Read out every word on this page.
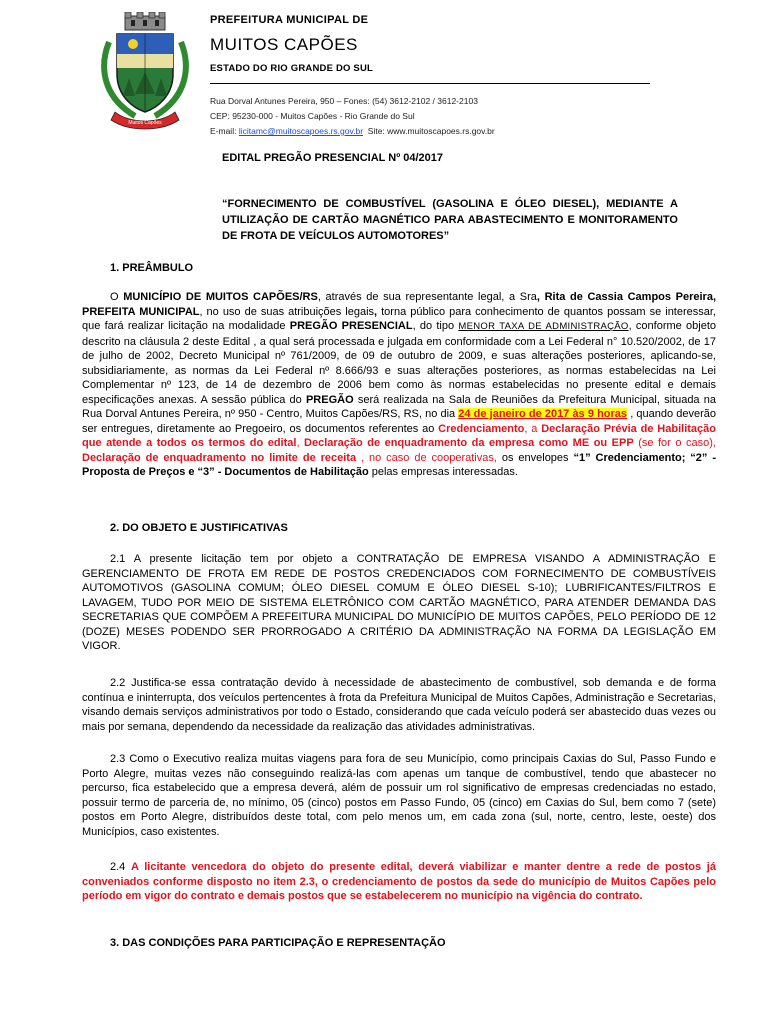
Muitos Capões
PREFEITURA MUNICIPAL DE
MUITOS CAPÕES
ESTADO DO RIO GRANDE DO SUL
Rua Dorval Antunes Pereira, 950 – Fones: (54) 3612-2102 / 3612-2103
CEP: 95230-000 - Muitos Capões - Rio Grande do Sul
E-mail: licitamc@muitoscapoes.rs.gov.br Site: www.muitoscapoes.rs.gov.br
EDITAL PREGÃO PRESENCIAL Nº 04/2017
“FORNECIMENTO DE COMBUSTÍVEL (GASOLINA E ÓLEO DIESEL), MEDIANTE A UTILIZAÇÃO DE CARTÃO MAGNÉTICO PARA ABASTECIMENTO E MONITORAMENTO DE FROTA DE VEÍCULOS AUTOMOTORES”
1. PREÂMBULO
O MUNICÍPIO DE MUITOS CAPÕES/RS, através de sua representante legal, a Sra, Rita de Cassia Campos Pereira, PREFEITA MUNICIPAL, no uso de suas atribuições legais, torna público para conhecimento de quantos possam se interessar, que fará realizar licitação na modalidade PREGÃO PRESENCIAL, do tipo MENOR TAXA DE ADMINISTRAÇÃO, conforme objeto descrito na cláusula 2 deste Edital , a qual será processada e julgada em conformidade com a Lei Federal n° 10.520/2002, de 17 de julho de 2002, Decreto Municipal nº 761/2009, de 09 de outubro de 2009, e suas alterações posteriores, aplicando-se, subsidiariamente, as normas da Lei Federal nº 8.666/93 e suas alterações posteriores, as normas estabelecidas na Lei Complementar nº 123, de 14 de dezembro de 2006 bem como às normas estabelecidas no presente edital e demais especificações anexas. A sessão pública do PREGÃO será realizada na Sala de Reuniões da Prefeitura Municipal, situada na Rua Dorval Antunes Pereira, nº 950 - Centro, Muitos Capões/RS, RS, no dia 24 de janeiro de 2017 às 9 horas , quando deverão ser entregues, diretamente ao Pregoeiro, os documentos referentes ao Credenciamento, a Declaração Prévia de Habilitação que atende a todos os termos do edital, Declaração de enquadramento da empresa como ME ou EPP (se for o caso), Declaração de enquadramento no limite de receita , no caso de cooperativas, os envelopes “1” Credenciamento; “2” - Proposta de Preços e “3” - Documentos de Habilitação pelas empresas interessadas.
2. DO OBJETO E JUSTIFICATIVAS
2.1 A presente licitação tem por objeto a CONTRATAÇÃO DE EMPRESA VISANDO A ADMINISTRAÇÃO E GERENCIAMENTO DE FROTA EM REDE DE POSTOS CREDENCIADOS COM FORNECIMENTO DE COMBUSTÍVEIS AUTOMOTIVOS (GASOLINA COMUM; ÓLEO DIESEL COMUM E ÓLEO DIESEL S-10); LUBRIFICANTES/FILTROS E LAVAGEM, TUDO POR MEIO DE SISTEMA ELETRÔNICO COM CARTÃO MAGNÉTICO, PARA ATENDER DEMANDA DAS SECRETARIAS QUE COMPÕEM A PREFEITURA MUNICIPAL DO MUNICÍPIO DE MUITOS CAPÕES, PELO PERÍODO DE 12 (DOZE) MESES PODENDO SER PRORROGADO A CRITÉRIO DA ADMINISTRAÇÃO NA FORMA DA LEGISLAÇÃO EM VIGOR.
2.2 Justifica-se essa contratação devido à necessidade de abastecimento de combustível, sob demanda e de forma contínua e ininterrupta, dos veículos pertencentes à frota da Prefeitura Municipal de Muitos Capões, Administração e Secretarias, visando demais serviços administrativos por todo o Estado, considerando que cada veículo poderá ser abastecido duas vezes ou mais por semana, dependendo da necessidade da realização das atividades administrativas.
2.3 Como o Executivo realiza muitas viagens para fora de seu Município, como principais Caxias do Sul, Passo Fundo e Porto Alegre, muitas vezes não conseguindo realizá-las com apenas um tanque de combustível, tendo que abastecer no percurso, fica estabelecido que a empresa deverá, além de possuir um rol significativo de empresas credenciadas no estado, possuir termo de parceria de, no mínimo, 05 (cinco) postos em Passo Fundo, 05 (cinco) em Caxias do Sul, bem como 7 (sete) postos em Porto Alegre, distribuídos deste total, com pelo menos um, em cada zona (sul, norte, centro, leste, oeste) dos Municípios, caso existentes.
2.4 A licitante vencedora do objeto do presente edital, deverá viabilizar e manter dentre a rede de postos já conveniados conforme disposto no item 2.3, o credenciamento de postos da sede do município de Muitos Capões pelo período em vigor do contrato e demais postos que se estabelecerem no município na vigência do contrato.
3. DAS CONDIÇÕES PARA PARTICIPAÇÃO E REPRESENTAÇÃO
